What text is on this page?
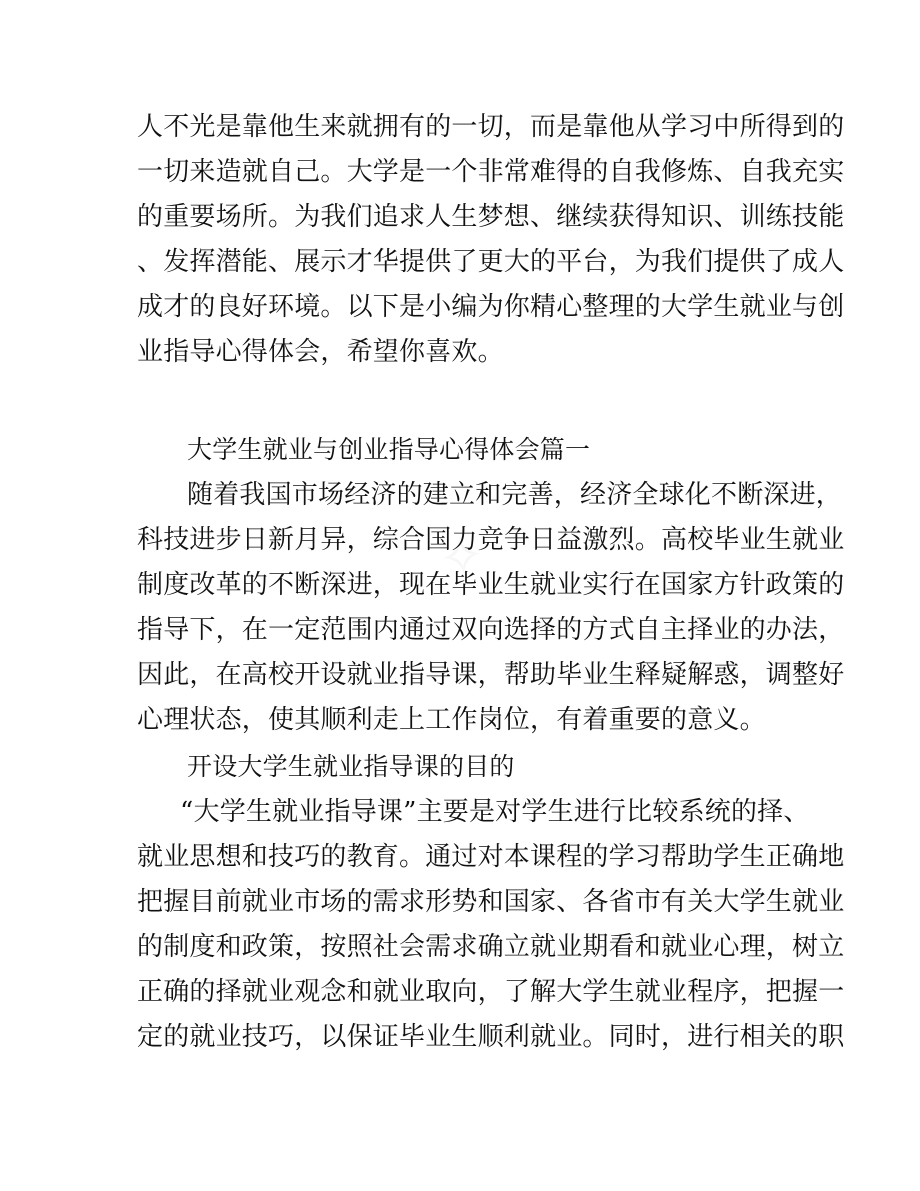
人不光是靠他生来就拥有的一切，而是靠他从学习中所得到的
一切来造就自己。大学是一个非常难得的自我修炼、自我充实
的重要场所。为我们追求人生梦想、继续获得知识、训练技能
、发挥潜能、展示才华提供了更大的平台，为我们提供了成人
成才的良好环境。以下是小编为你精心整理的大学生就业与创
业指导心得体会，希望你喜欢。
大学生就业与创业指导心得体会篇一
随着我国市场经济的建立和完善，经济全球化不断深进，
科技进步日新月异，综合国力竞争日益激烈。高校毕业生就业
制度改革的不断深进，现在毕业生就业实行在国家方针政策的
指导下，在一定范围内通过双向选择的方式自主择业的办法，
因此，在高校开设就业指导课，帮助毕业生释疑解惑，调整好
心理状态，使其顺利走上工作岗位，有着重要的意义。
开设大学生就业指导课的目的
“大学生就业指导课”主要是对学生进行比较系统的择、
就业思想和技巧的教育。通过对本课程的学习帮助学生正确地
把握目前就业市场的需求形势和国家、各省市有关大学生就业
的制度和政策，按照社会需求确立就业期看和就业心理，树立
正确的择就业观念和就业取向，了解大学生就业程序，把握一
定的就业技巧，以保证毕业生顺利就业。同时，进行相关的职
